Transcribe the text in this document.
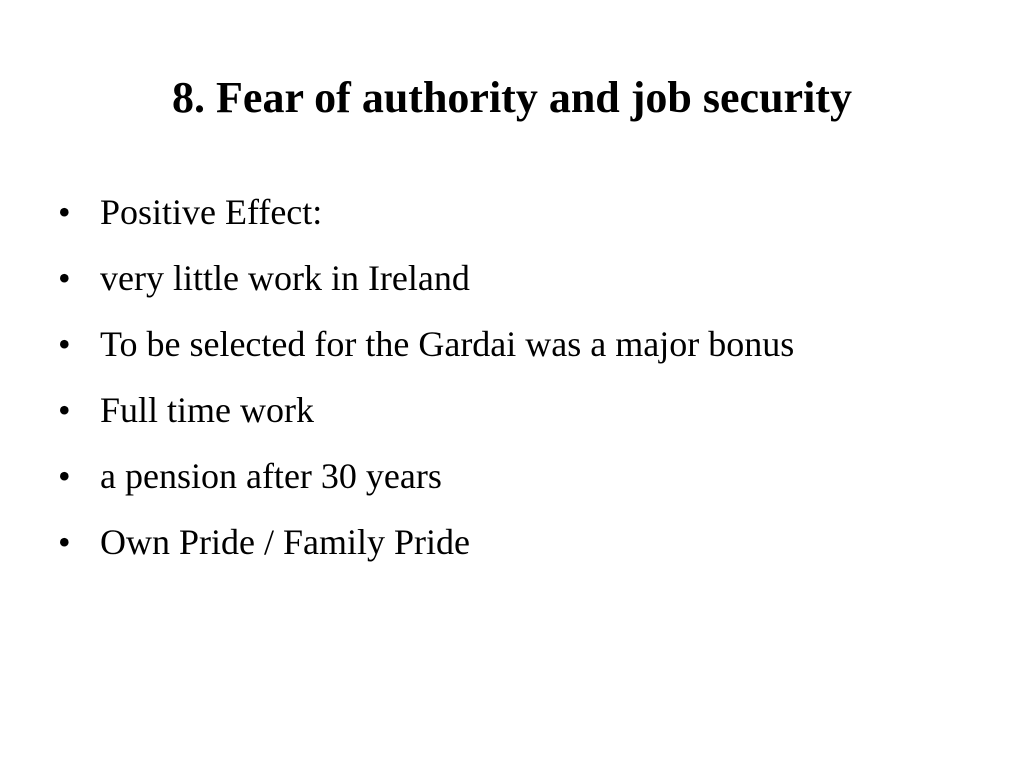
8. Fear of authority and job security
• Positive Effect:
• very little work in Ireland
• To be selected for the Gardai was a major bonus
• Full time work
• a pension after 30 years
• Own Pride / Family Pride
